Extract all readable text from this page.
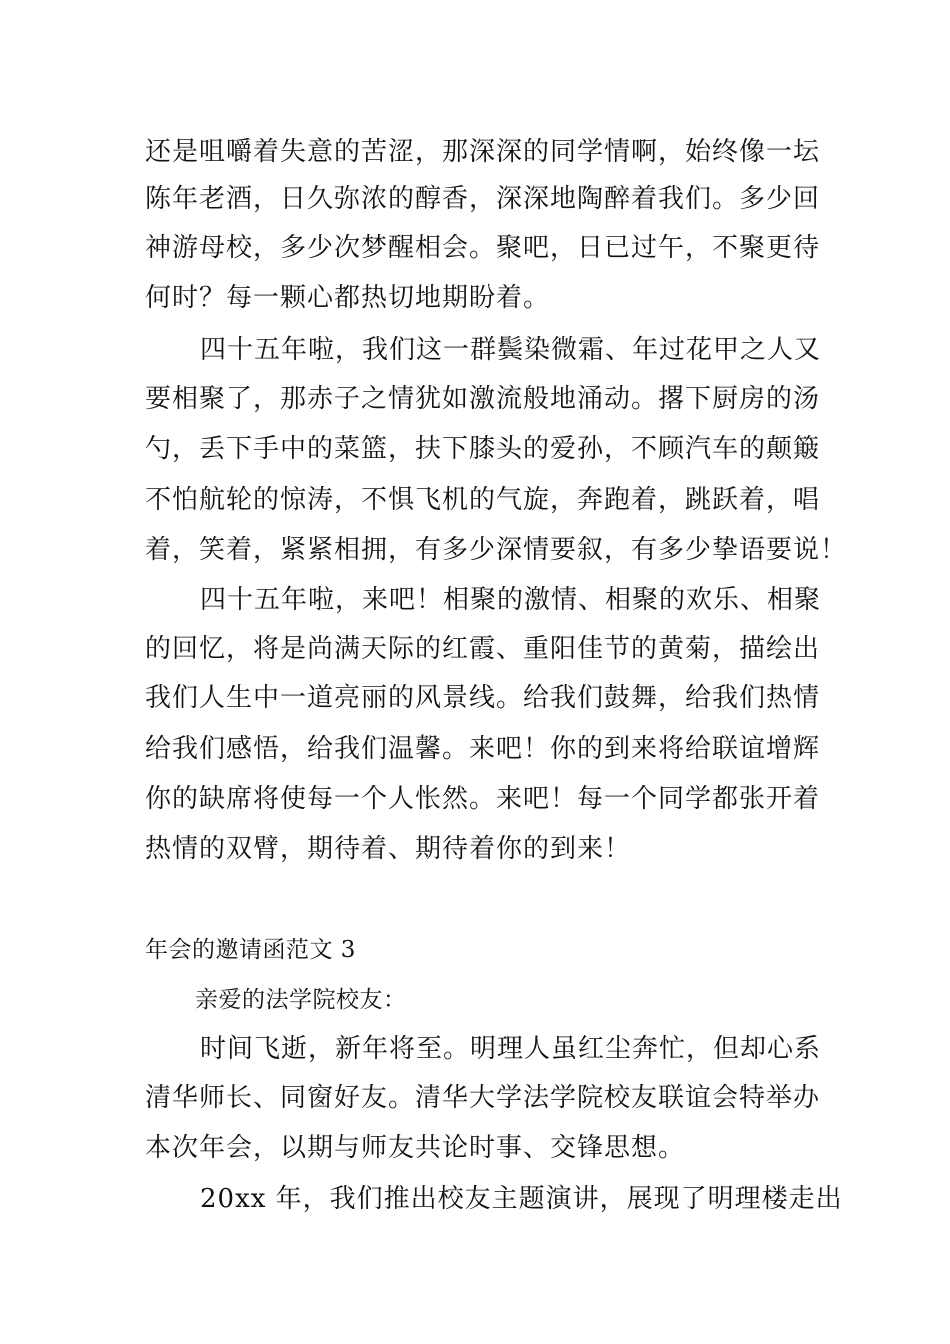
还是咀嚼着失意的苦涩，那深深的同学情啊，始终像一坛
陈年老酒，日久弥浓的醇香，深深地陶醉着我们。多少回
神游母校，多少次梦醒相会。聚吧，日已过午，不聚更待
何时？每一颗心都热切地期盼着。
四十五年啦，我们这一群鬓染微霜、年过花甲之人又
要相聚了，那赤子之情犹如激流般地涌动。撂下厨房的汤
勺，丢下手中的菜篮，扶下膝头的爱孙，不顾汽车的颠簸
不怕航轮的惊涛，不惧飞机的气旋，奔跑着，跳跃着，唱
着，笑着，紧紧相拥，有多少深情要叙，有多少挚语要说！
四十五年啦，来吧！相聚的激情、相聚的欢乐、相聚
的回忆，将是尚满天际的红霞、重阳佳节的黄菊，描绘出
我们人生中一道亮丽的风景线。给我们鼓舞，给我们热情
给我们感悟，给我们温馨。来吧！你的到来将给联谊增辉
你的缺席将使每一个人怅然。来吧！每一个同学都张开着
热情的双臂，期待着、期待着你的到来！
年会的邀请函范文 3
亲爱的法学院校友：
时间飞逝，新年将至。明理人虽红尘奔忙，但却心系
清华师长、同窗好友。清华大学法学院校友联谊会特举办
本次年会，以期与师友共论时事、交锋思想。
20xx 年，我们推出校友主题演讲，展现了明理楼走出
